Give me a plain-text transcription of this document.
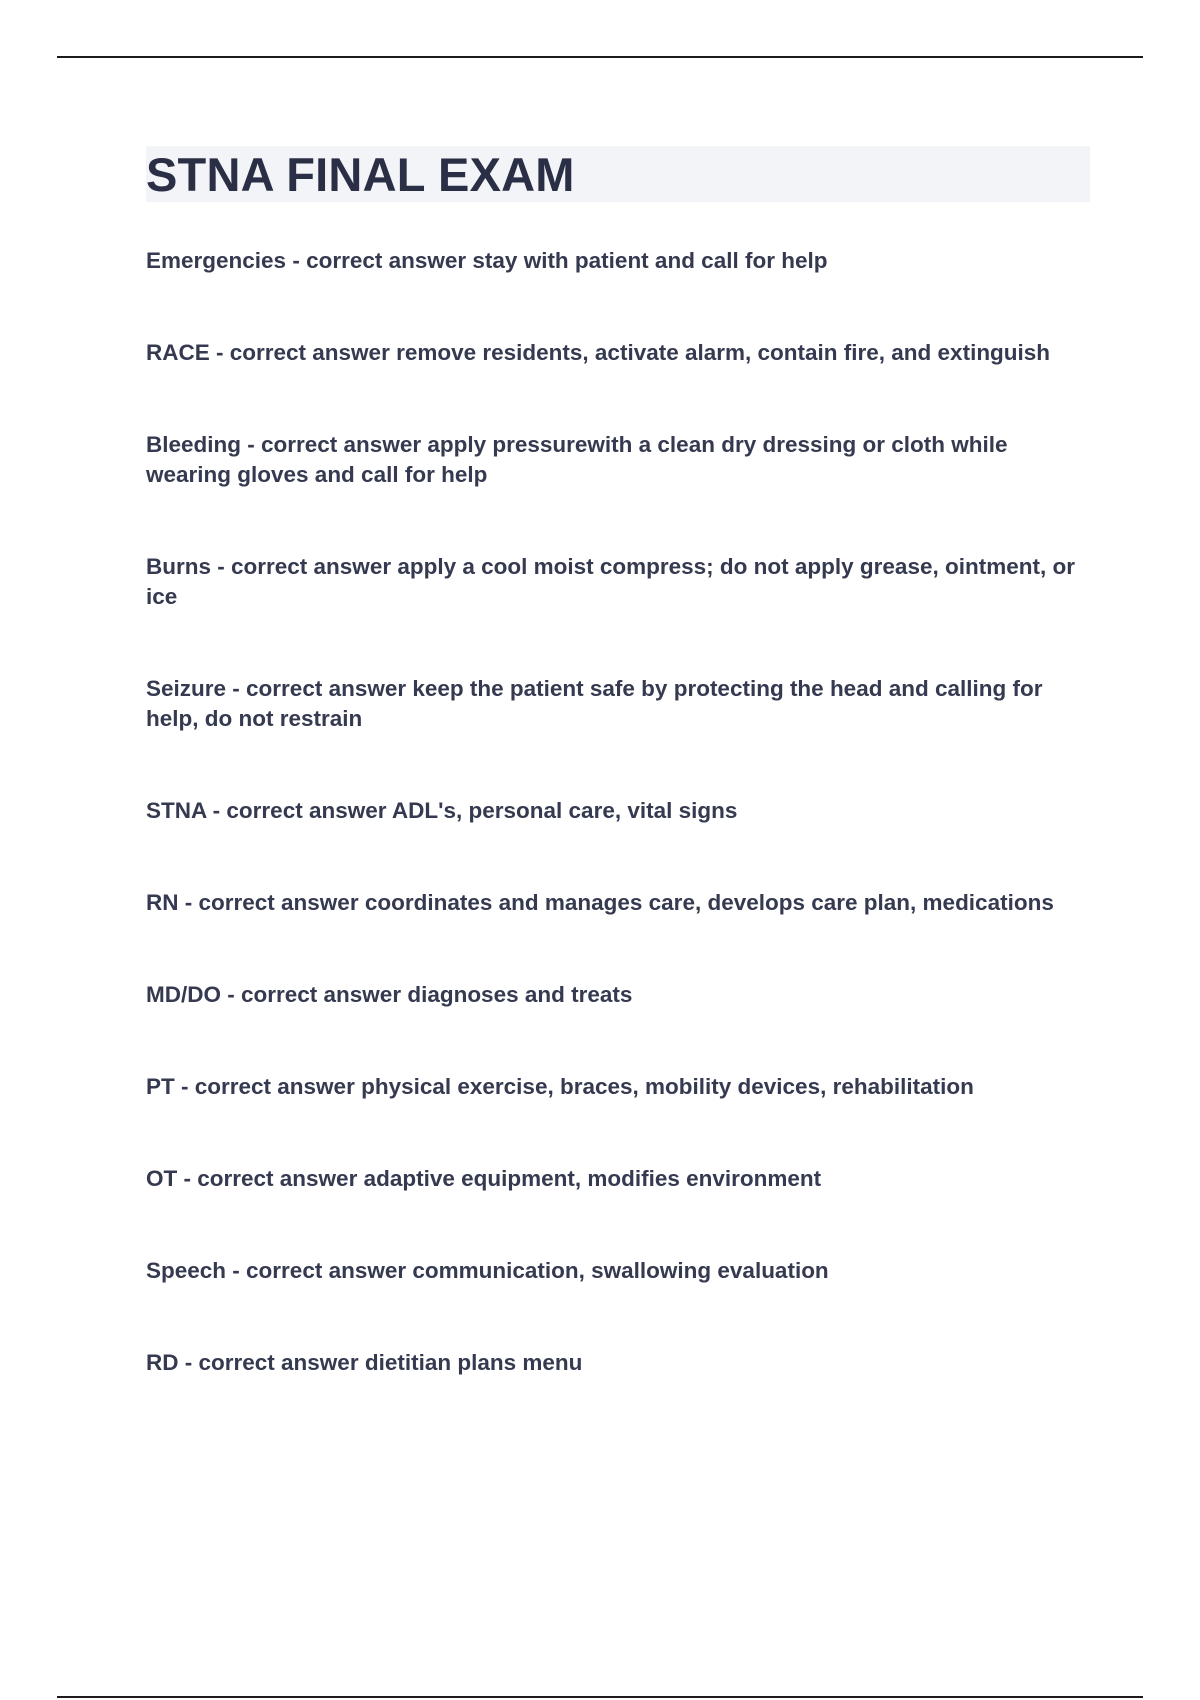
STNA FINAL EXAM
Emergencies - correct answer stay with patient and call for help
RACE - correct answer remove residents, activate alarm, contain fire, and extinguish
Bleeding - correct answer apply pressurewith a clean dry dressing or cloth while wearing gloves and call for help
Burns - correct answer apply a cool moist compress; do not apply grease, ointment, or ice
Seizure - correct answer keep the patient safe by protecting the head and calling for help, do not restrain
STNA - correct answer ADL's, personal care, vital signs
RN - correct answer coordinates and manages care, develops care plan, medications
MD/DO - correct answer diagnoses and treats
PT - correct answer physical exercise, braces, mobility devices, rehabilitation
OT - correct answer adaptive equipment, modifies environment
Speech - correct answer communication, swallowing evaluation
RD - correct answer dietitian plans menu
